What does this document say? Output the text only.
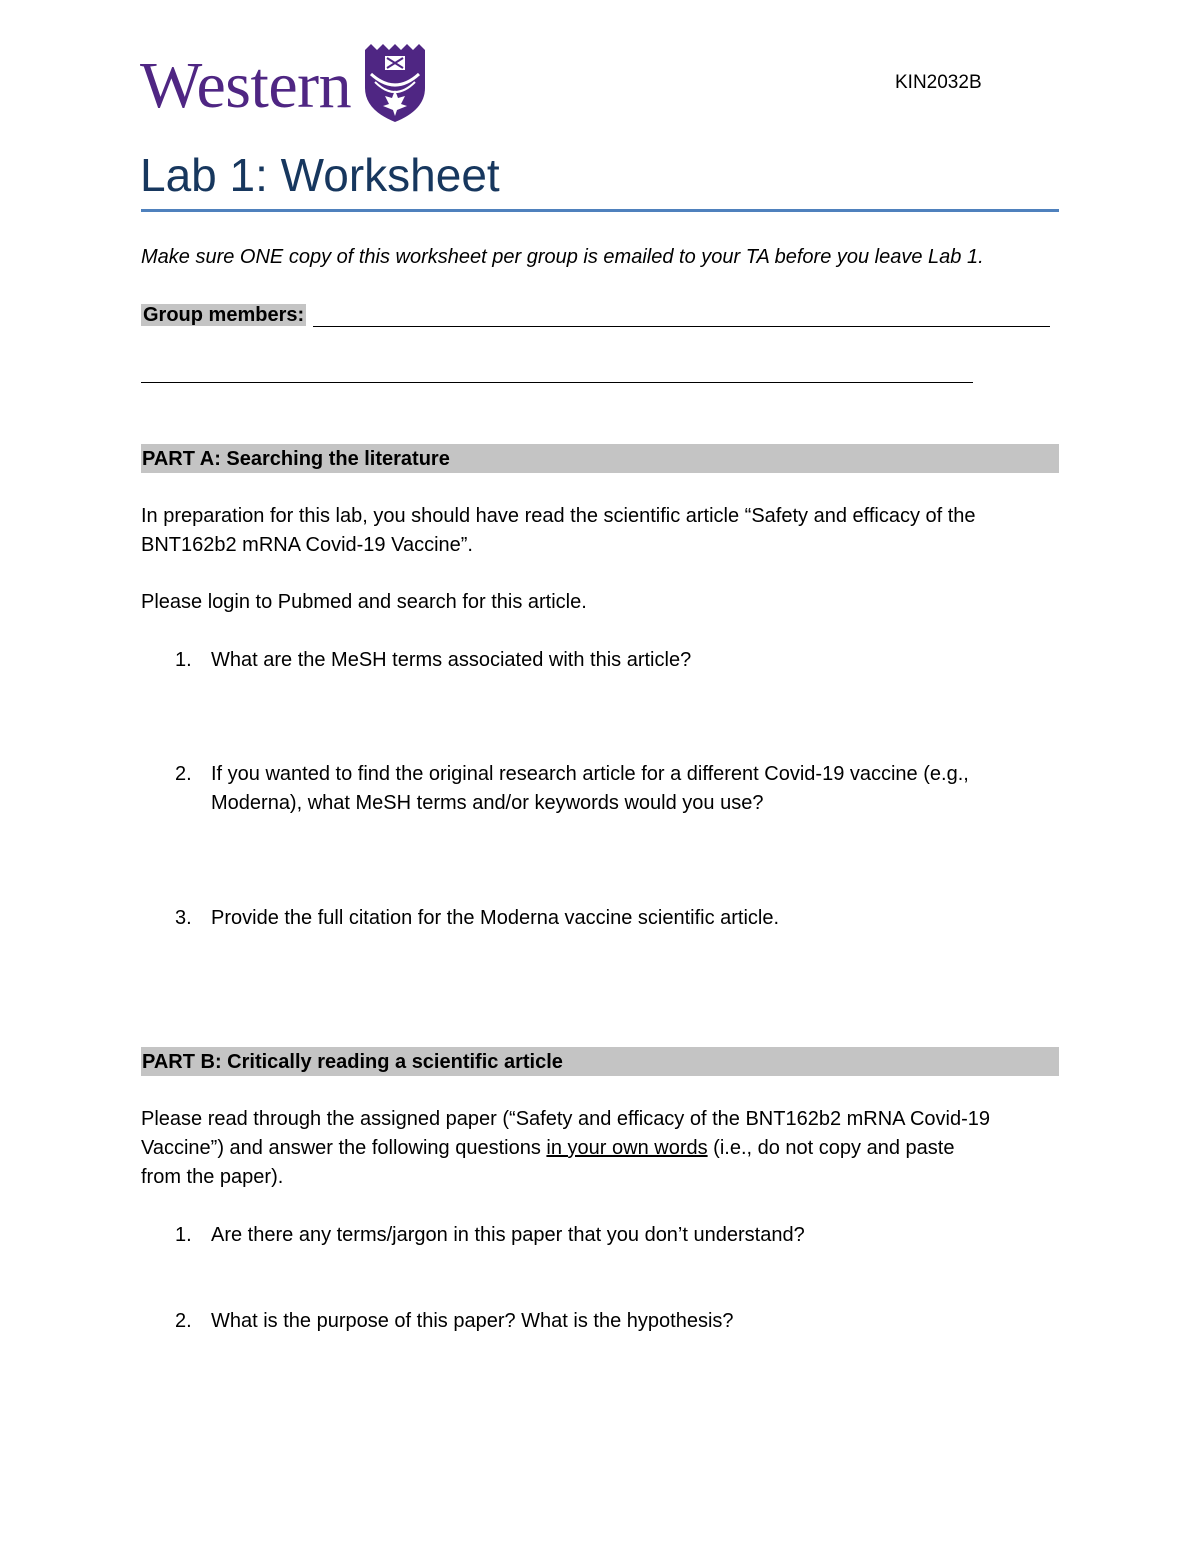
Western	KIN2032B
Lab 1: Worksheet
Make sure ONE copy of this worksheet per group is emailed to your TA before you leave Lab 1.
Group members:
PART A: Searching the literature
In preparation for this lab, you should have read the scientific article “Safety and efficacy of the
BNT162b2 mRNA Covid-19 Vaccine”.
Please login to Pubmed and search for this article.
1. What are the MeSH terms associated with this article?
2. If you wanted to find the original research article for a different Covid-19 vaccine (e.g.,
Moderna), what MeSH terms and/or keywords would you use?
3. Provide the full citation for the Moderna vaccine scientific article.
PART B: Critically reading a scientific article
Please read through the assigned paper (“Safety and efficacy of the BNT162b2 mRNA Covid-19
Vaccine”) and answer the following questions in your own words (i.e., do not copy and paste
from the paper).
1. Are there any terms/jargon in this paper that you don’t understand?
2. What is the purpose of this paper? What is the hypothesis?
